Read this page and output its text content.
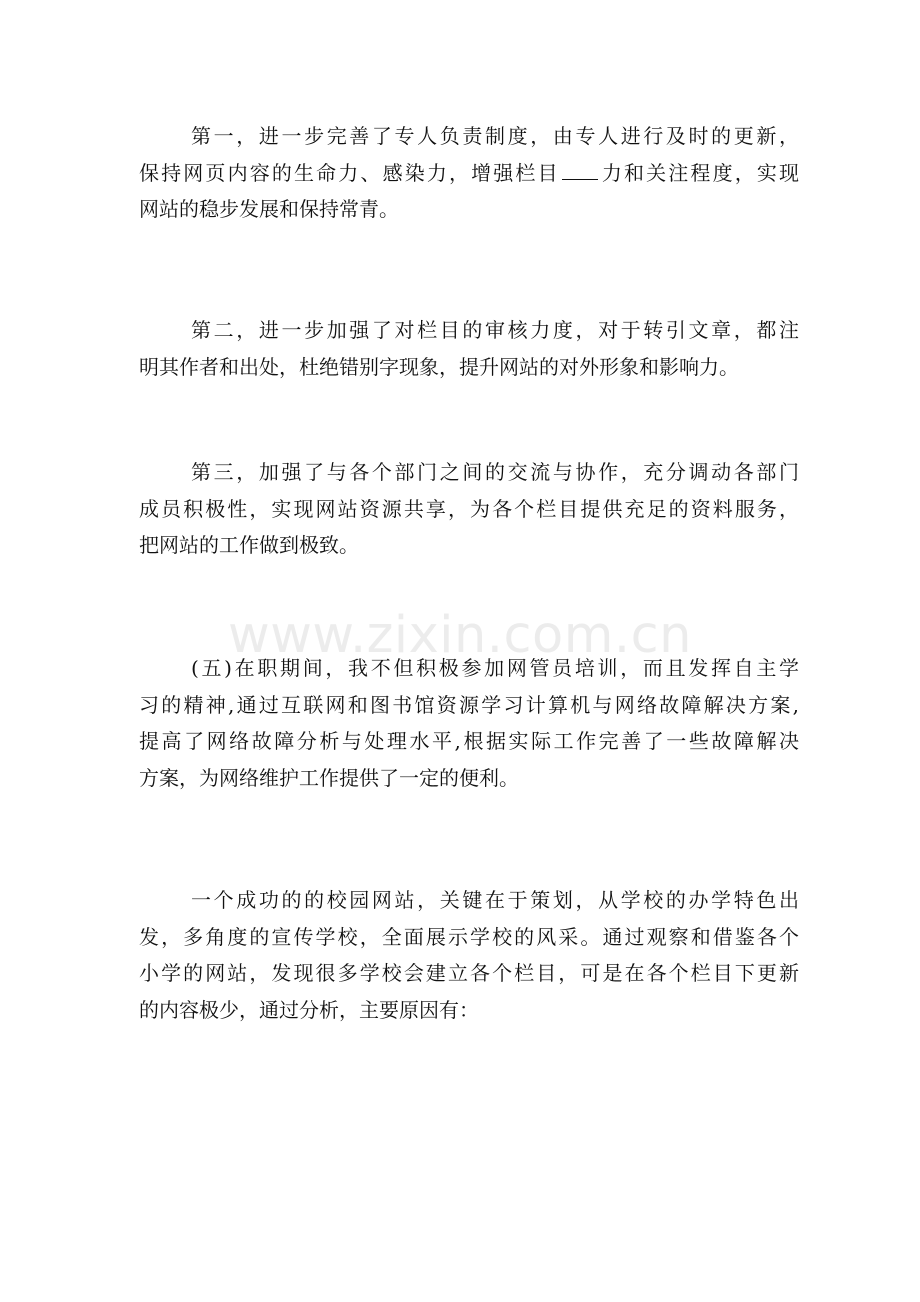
www.zixin.com.cn
第一，进一步完善了专人负责制度，由专人进行及时的更新，
保持网页内容的生命力、感染力，增强栏目 力和关注程度，实现
网站的稳步发展和保持常青。
第二，进一步加强了对栏目的审核力度，对于转引文章，都注
明其作者和出处，杜绝错别字现象，提升网站的对外形象和影响力。
第三，加强了与各个部门之间的交流与协作，充分调动各部门
成员积极性，实现网站资源共享，为各个栏目提供充足的资料服务，
把网站的工作做到极致。
(五)在职期间，我不但积极参加网管员培训，而且发挥自主学
习的精神,通过互联网和图书馆资源学习计算机与网络故障解决方案,
提高了网络故障分析与处理水平,根据实际工作完善了一些故障解决
方案，为网络维护工作提供了一定的便利。
一个成功的的校园网站，关键在于策划，从学校的办学特色出
发，多角度的宣传学校，全面展示学校的风采。通过观察和借鉴各个
小学的网站，发现很多学校会建立各个栏目，可是在各个栏目下更新
的内容极少，通过分析，主要原因有：
